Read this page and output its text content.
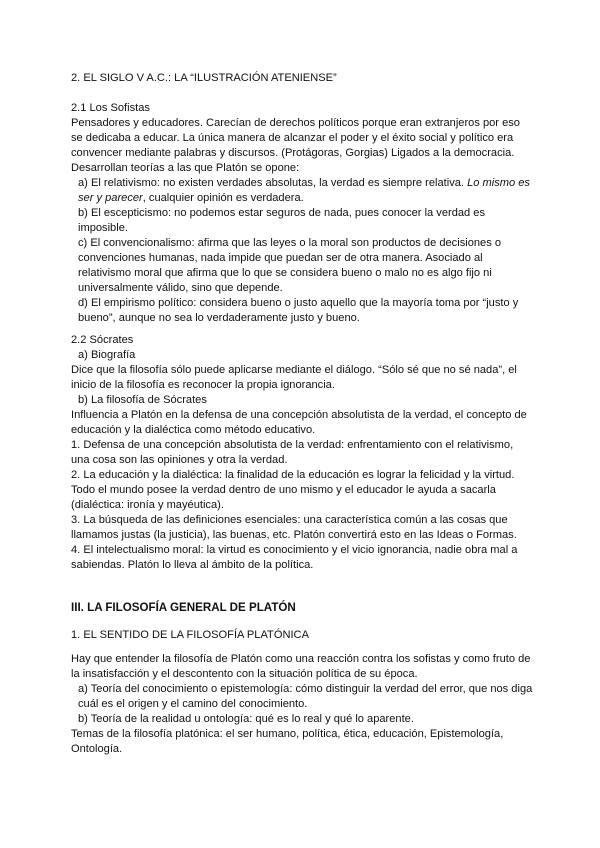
2. EL SIGLO V A.C.: LA “ILUSTRACIÓN ATENIENSE”

2.1 Los Sofistas

Pensadores y educadores. Carecían de derechos políticos porque eran extranjeros por eso se dedicaba a educar. La única manera de alcanzar el poder y el éxito social y político era convencer mediante palabras y discursos. (Protágoras, Gorgias) Ligados a la democracia. Desarrollan teorías a las que Platón se opone:

a) El relativismo: no existen verdades absolutas, la verdad es siempre relativa. Lo mismo es ser y parecer, cualquier opinión es verdadera.

b) El escepticismo: no podemos estar seguros de nada, pues conocer la verdad es imposible.

c) El convencionalismo: afirma que las leyes o la moral son productos de decisiones o convenciones humanas, nada impide que puedan ser de otra manera. Asociado al relativismo moral que afirma que lo que se considera bueno o malo no es algo fijo ni universalmente válido, sino que depende.

d) El empirismo político: considera bueno o justo aquello que la mayoría toma por “justo y bueno”, aunque no sea lo verdaderamente justo y bueno.

2.2 Sócrates

a) Biografía

Dice que la filosofía sólo puede aplicarse mediante el diálogo. “Sólo sé que no sé nada”, el inicio de la filosofía es reconocer la propia ignorancia.

b) La filosofía de Sócrates

Influencia a Platón en la defensa de una concepción absolutista de la verdad, el concepto de educación y la dialéctica como método educativo.

1. Defensa de una concepción absolutista de la verdad: enfrentamiento con el relativismo, una cosa son las opiniones y otra la verdad.

2. La educación y la dialéctica: la finalidad de la educación es lograr la felicidad y la virtud. Todo el mundo posee la verdad dentro de uno mismo y el educador le ayuda a sacarla (dialéctica: ironía y mayéutica).

3. La búsqueda de las definiciones esenciales: una característica común a las cosas que llamamos justas (la justicia), las buenas, etc. Platón convertirá esto en las Ideas o Formas.

4. El intelectualismo moral: la virtud es conocimiento y el vicio ignorancia, nadie obra mal a sabiendas. Platón lo lleva al ámbito de la política.

III. LA FILOSOFÍA GENERAL DE PLATÓN

1. EL SENTIDO DE LA FILOSOFÍA PLATÓNICA

Hay que entender la filosofía de Platón como una reacción contra los sofistas y como fruto de la insatisfacción y el descontento con la situación política de su época.

a) Teoría del conocimiento o epistemología: cómo distinguir la verdad del error, que nos diga cuál es el origen y el camino del conocimiento.

b) Teoría de la realidad u ontología: qué es lo real y qué lo aparente.

Temas de la filosofía platónica: el ser humano, política, ética, educación, Epistemología, Ontología.
